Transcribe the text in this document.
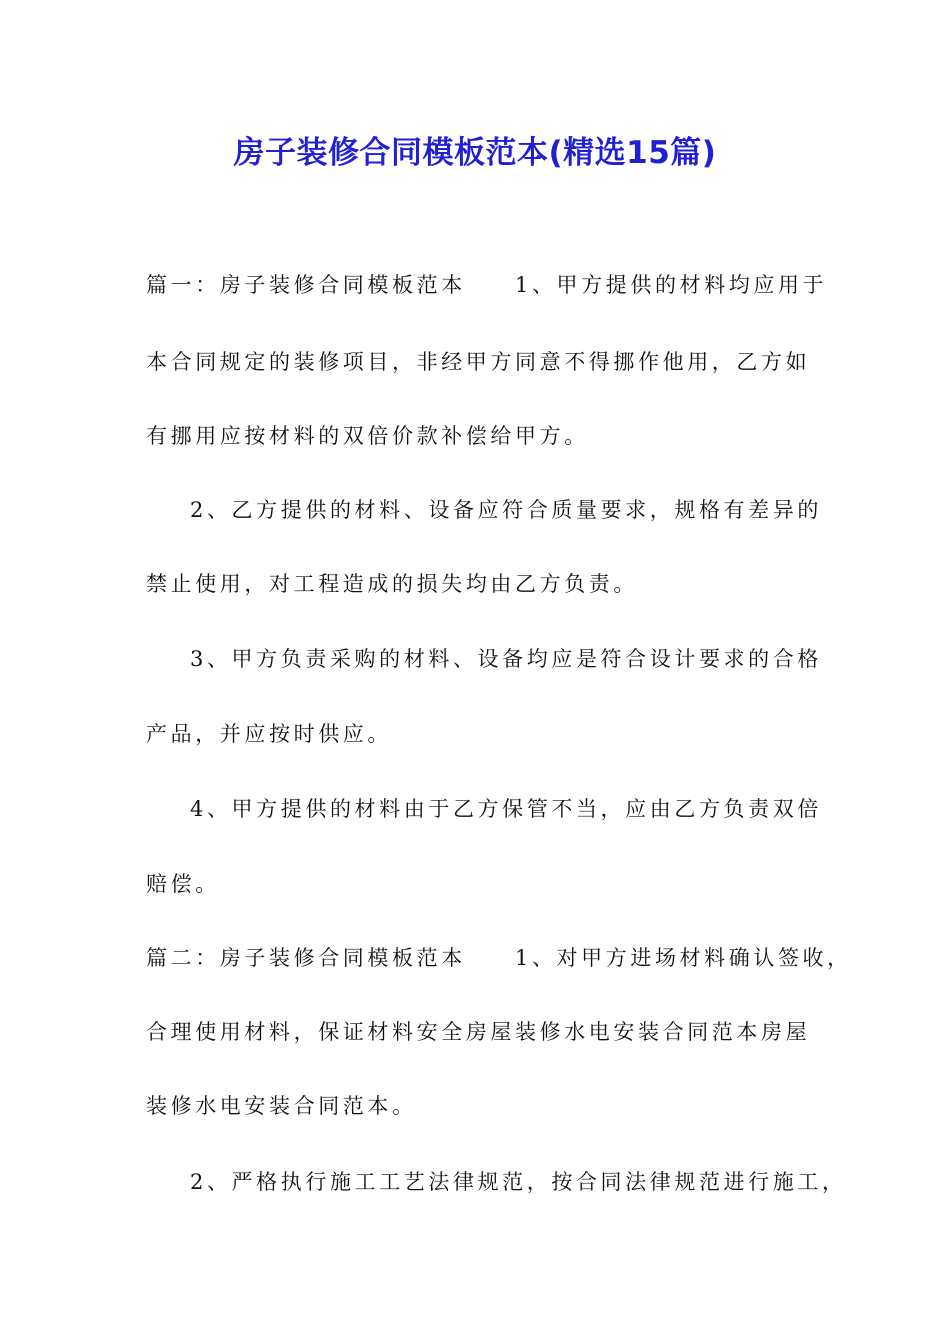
房子装修合同模板范本(精选15篇)

篇一：房子装修合同模板范本　　1、甲方提供的材料均应用于

本合同规定的装修项目，非经甲方同意不得挪作他用，乙方如

有挪用应按材料的双倍价款补偿给甲方。

2、乙方提供的材料、设备应符合质量要求，规格有差异的

禁止使用，对工程造成的损失均由乙方负责。

3、甲方负责采购的材料、设备均应是符合设计要求的合格

产品，并应按时供应。

4、甲方提供的材料由于乙方保管不当，应由乙方负责双倍

赔偿。

篇二：房子装修合同模板范本　　1、对甲方进场材料确认签收，

合理使用材料，保证材料安全房屋装修水电安装合同范本房屋

装修水电安装合同范本。

2、严格执行施工工艺法律规范，按合同法律规范进行施工，
